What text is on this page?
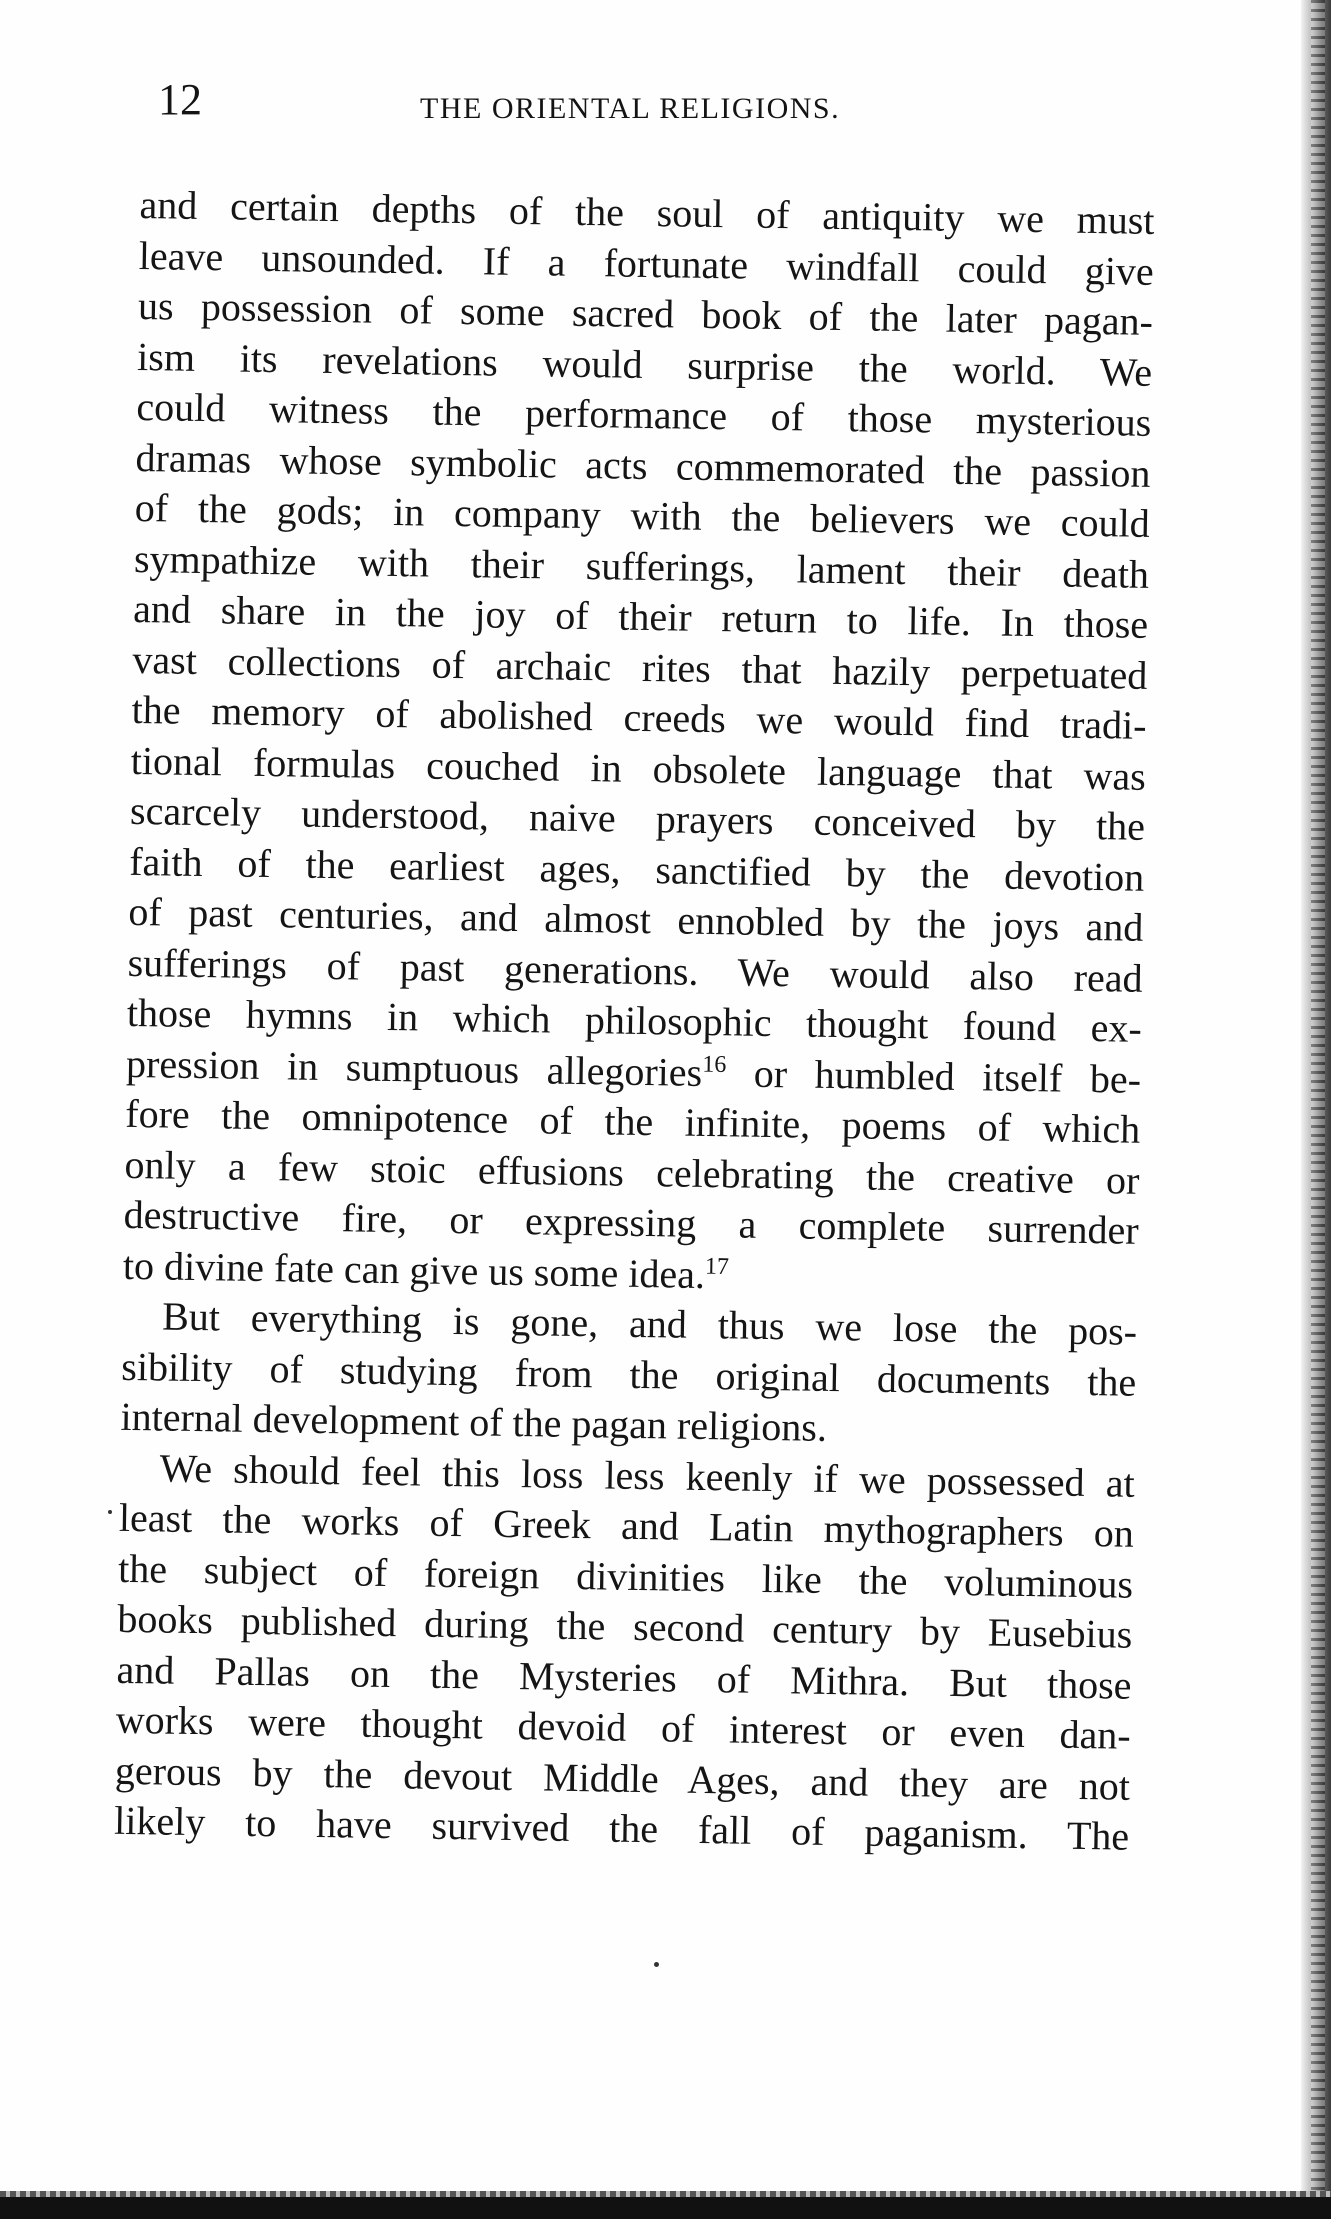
12	THE ORIENTAL RELIGIONS.
and certain depths of the soul of antiquity we must
leave unsounded. If a fortunate windfall could give
us possession of some sacred book of the later pagan-
ism its revelations would surprise the world. We
could witness the performance of those mysterious
dramas whose symbolic acts commemorated the passion
of the gods; in company with the believers we could
sympathize with their sufferings, lament their death
and share in the joy of their return to life. In those
vast collections of archaic rites that hazily perpetuated
the memory of abolished creeds we would find tradi-
tional formulas couched in obsolete language that was
scarcely understood, naive prayers conceived by the
faith of the earliest ages, sanctified by the devotion
of past centuries, and almost ennobled by the joys and
sufferings of past generations. We would also read
those hymns in which philosophic thought found ex-
pression in sumptuous allegories$^{16}$ or humbled itself be-
fore the omnipotence of the infinite, poems of which
only a few stoic effusions celebrating the creative or
destructive fire, or expressing a complete surrender
to divine fate can give us some idea.$^{17}$
But everything is gone, and thus we lose the pos-
sibility of studying from the original documents the
internal development of the pagan religions.
We should feel this loss less keenly if we possessed at
least the works of Greek and Latin mythographers on
the subject of foreign divinities like the voluminous
books published during the second century by Eusebius
and Pallas on the Mysteries of Mithra. But those
works were thought devoid of interest or even dan-
gerous by the devout Middle Ages, and they are not
likely to have survived the fall of paganism. The
